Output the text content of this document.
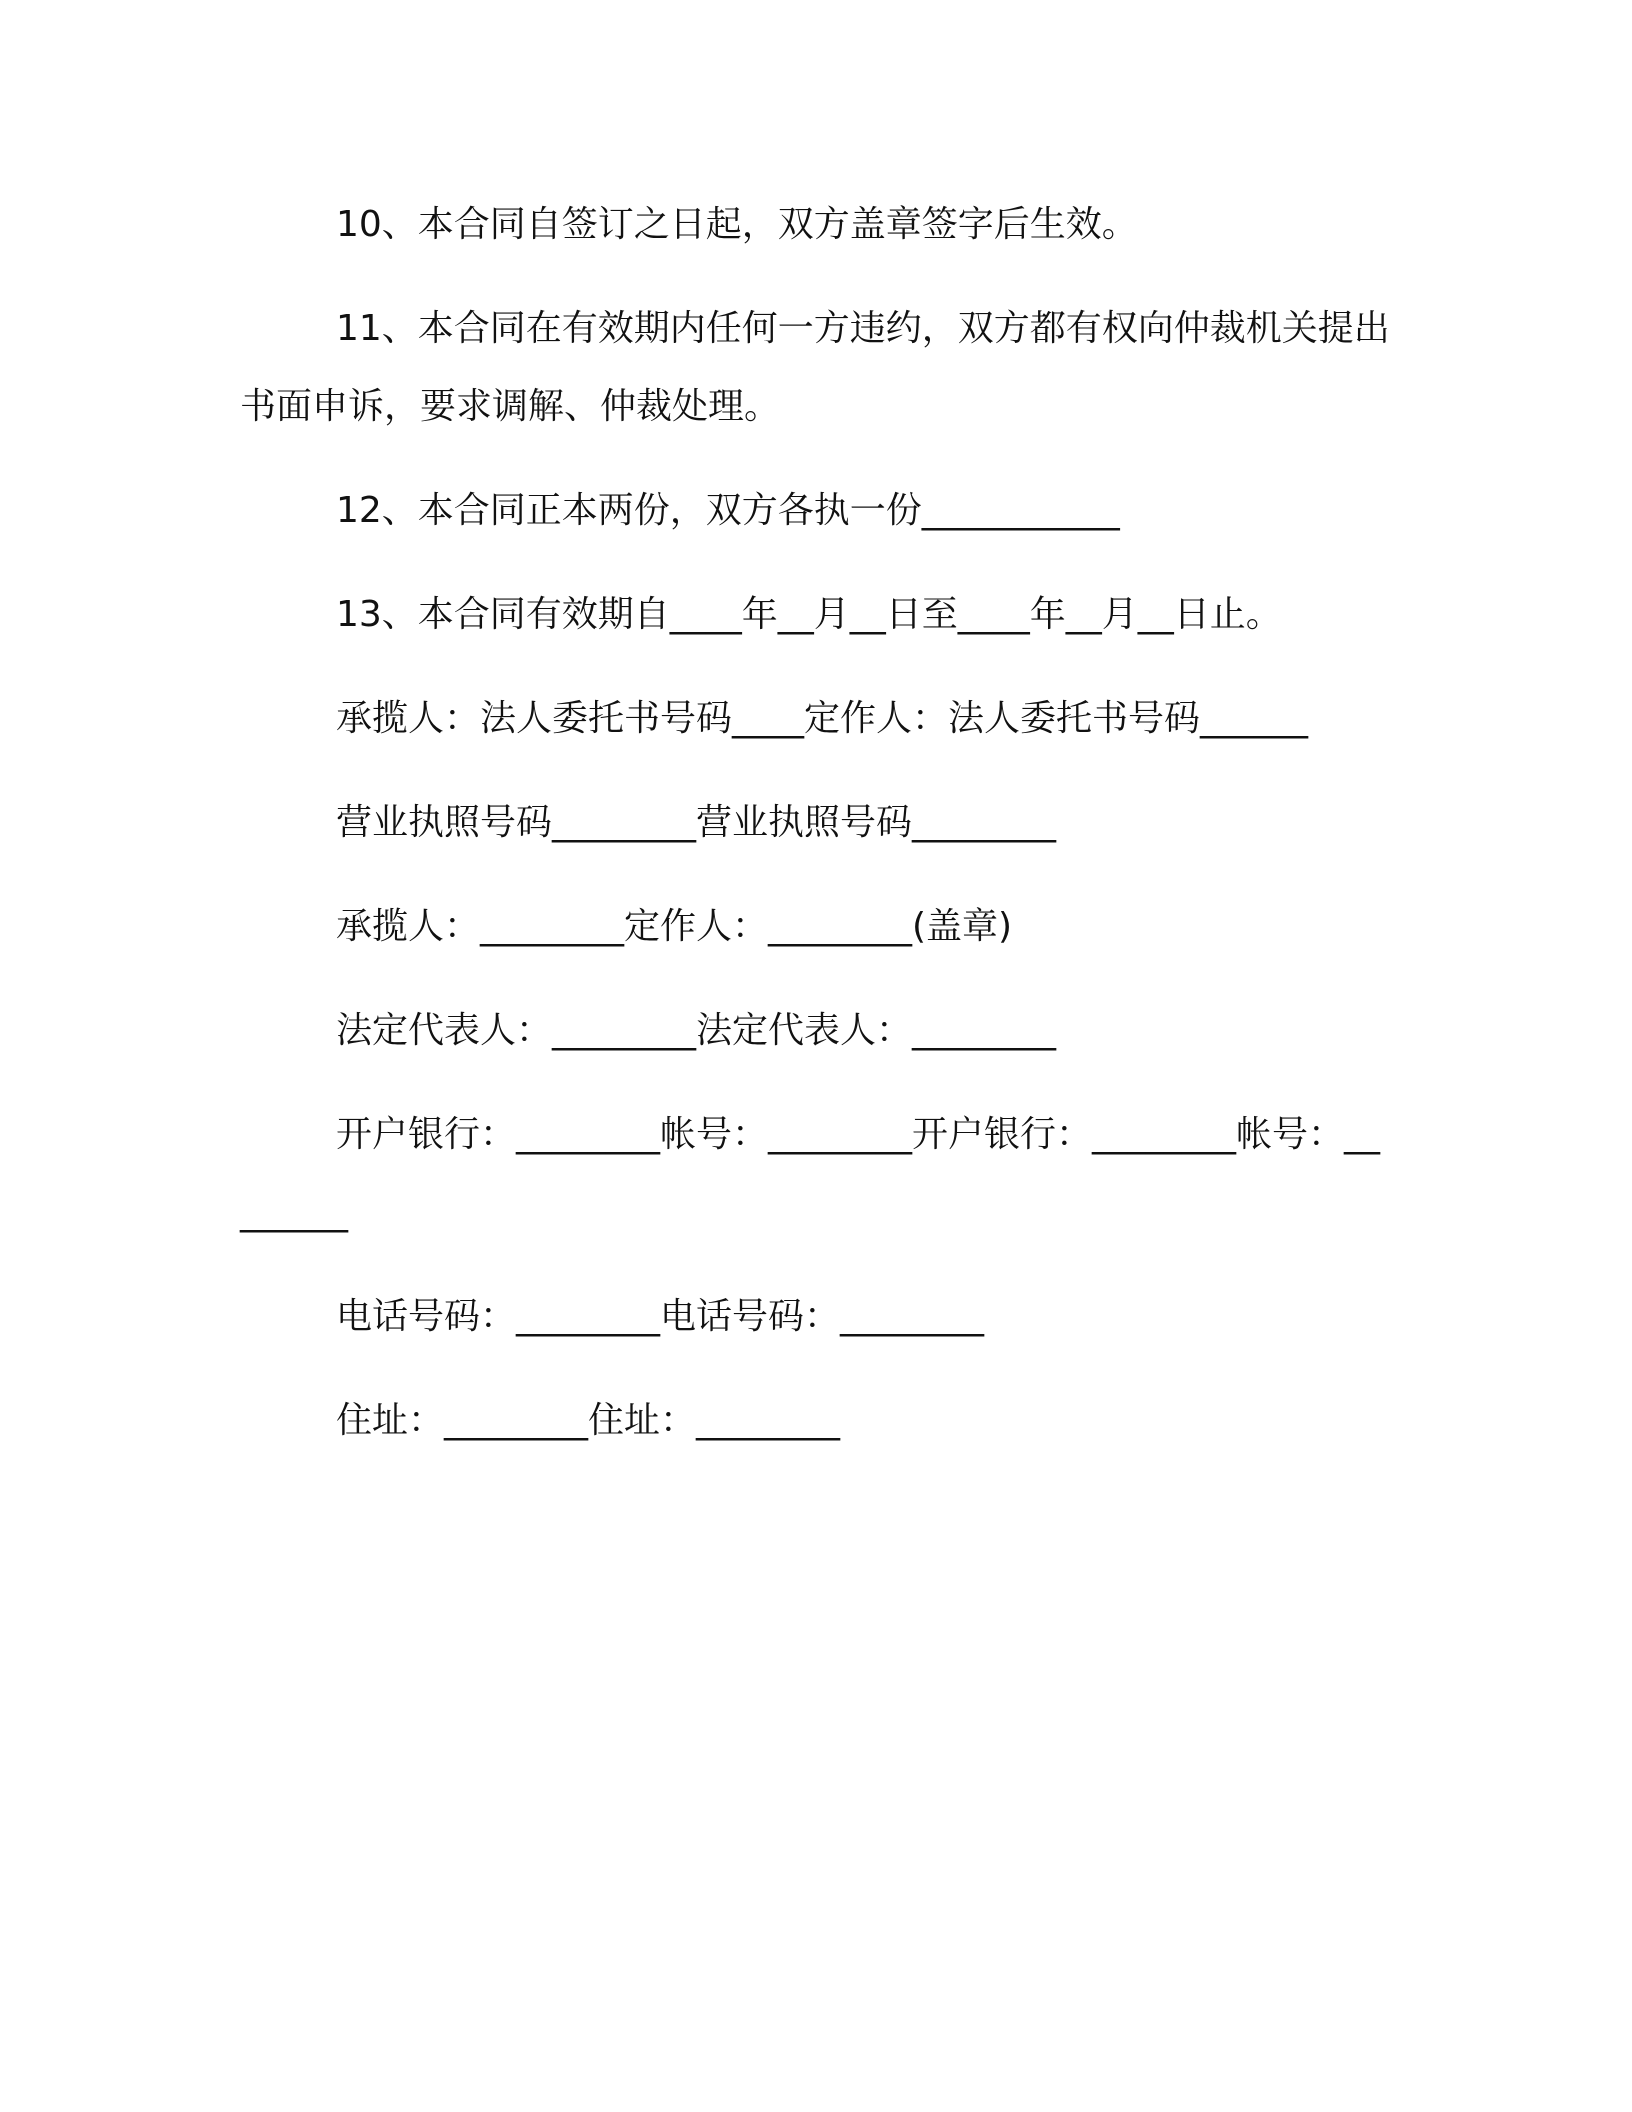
10、本合同自签订之日起，双方盖章签字后生效。

11、本合同在有效期内任何一方违约，双方都有权向仲裁机关提出书面申诉，要求调解、仲裁处理。

12、本合同正本两份，双方各执一份___________

13、本合同有效期自____年__月__日至____年__月__日止。

承揽人：法人委托书号码____定作人：法人委托书号码______

营业执照号码________营业执照号码________

承揽人：________定作人：________(盖章)

法定代表人：________法定代表人：________

开户银行：________帐号：________开户银行：________帐号：________

电话号码：________电话号码：________

住址：________住址：________
